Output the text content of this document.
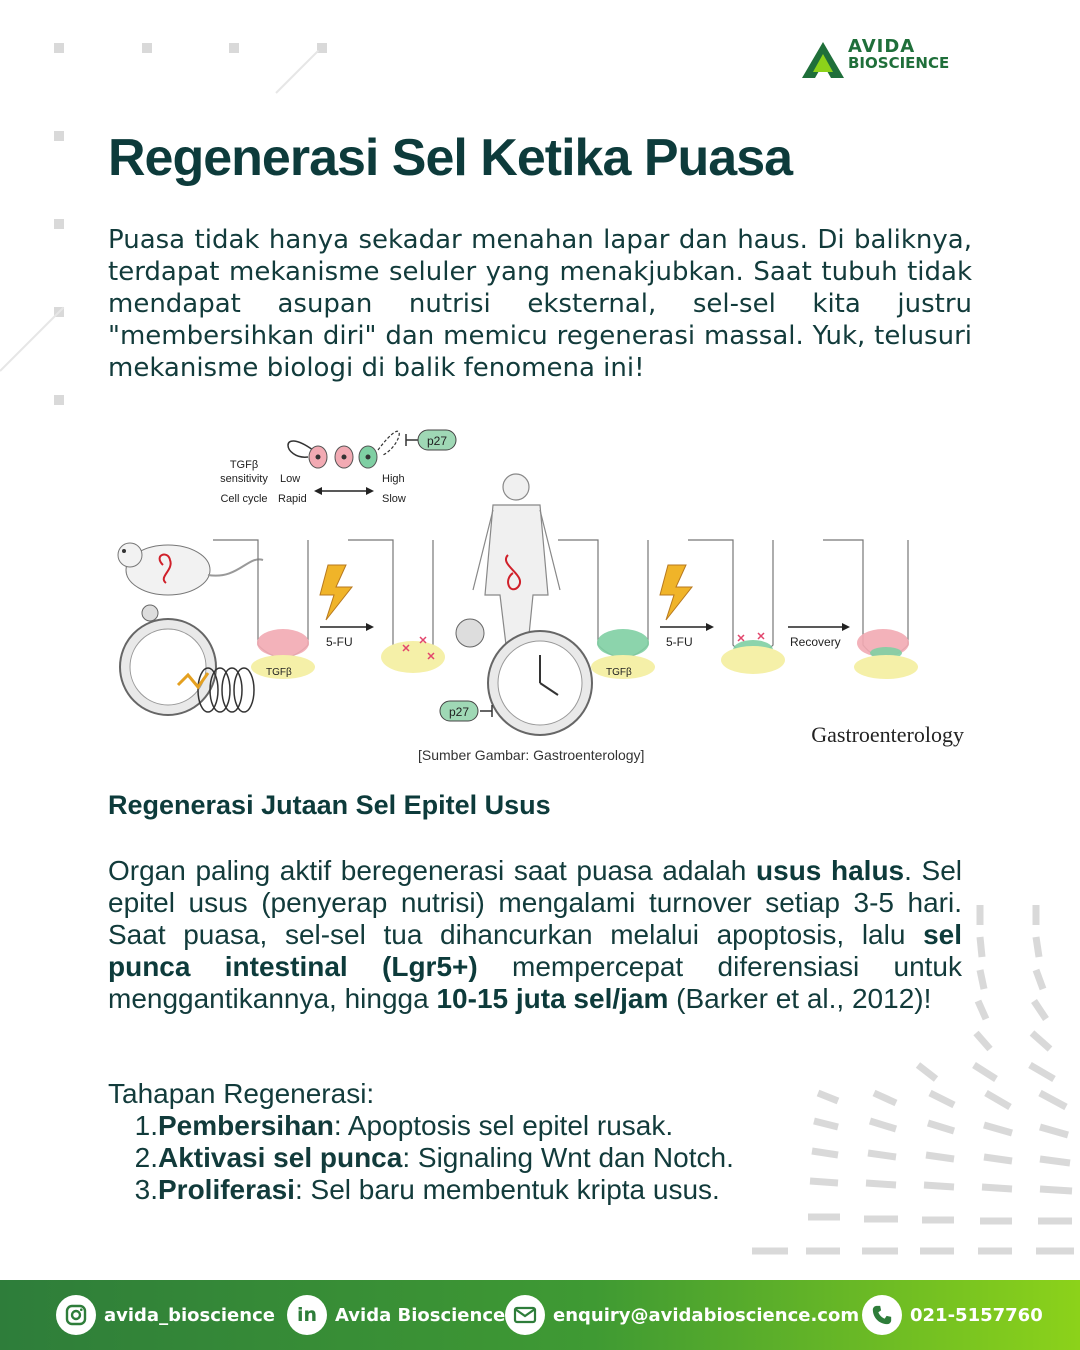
AVIDA
BIOSCIENCE
Regenerasi Sel Ketika Puasa

Puasa tidak hanya sekadar menahan lapar dan haus. Di baliknya, terdapat mekanisme seluler yang menakjubkan. Saat tubuh tidak mendapat asupan nutrisi eksternal, sel-sel kita justru "membersihkan diri" dan memicu regenerasi massal. Yuk, telusuri mekanisme biologi di balik fenomena ini!

p27
TGFβ
sensitivity
Cell cycle
Low
Rapid
High
Slow
5-FU	5-FU	Recovery
TGFβ	TGFβ
p27
Gastroenterology
[Sumber Gambar: Gastroenterology]
Regenerasi Jutaan Sel Epitel Usus

Organ paling aktif beregenerasi saat puasa adalah usus halus. Sel epitel usus (penyerap nutrisi) mengalami turnover setiap 3-5 hari. Saat puasa, sel-sel tua dihancurkan melalui apoptosis, lalu sel punca intestinal (Lgr5+) mempercepat diferensiasi untuk menggantikannya, hingga 10-15 juta sel/jam (Barker et al., 2012)!

Tahapan Regenerasi:
1.Pembersihan: Apoptosis sel epitel rusak.
2.Aktivasi sel punca: Signaling Wnt dan Notch.
3.Proliferasi: Sel baru membentuk kripta usus.
avida_bioscience	in Avida Bioscience	enquiry@avidabioscience.com	021-5157760
